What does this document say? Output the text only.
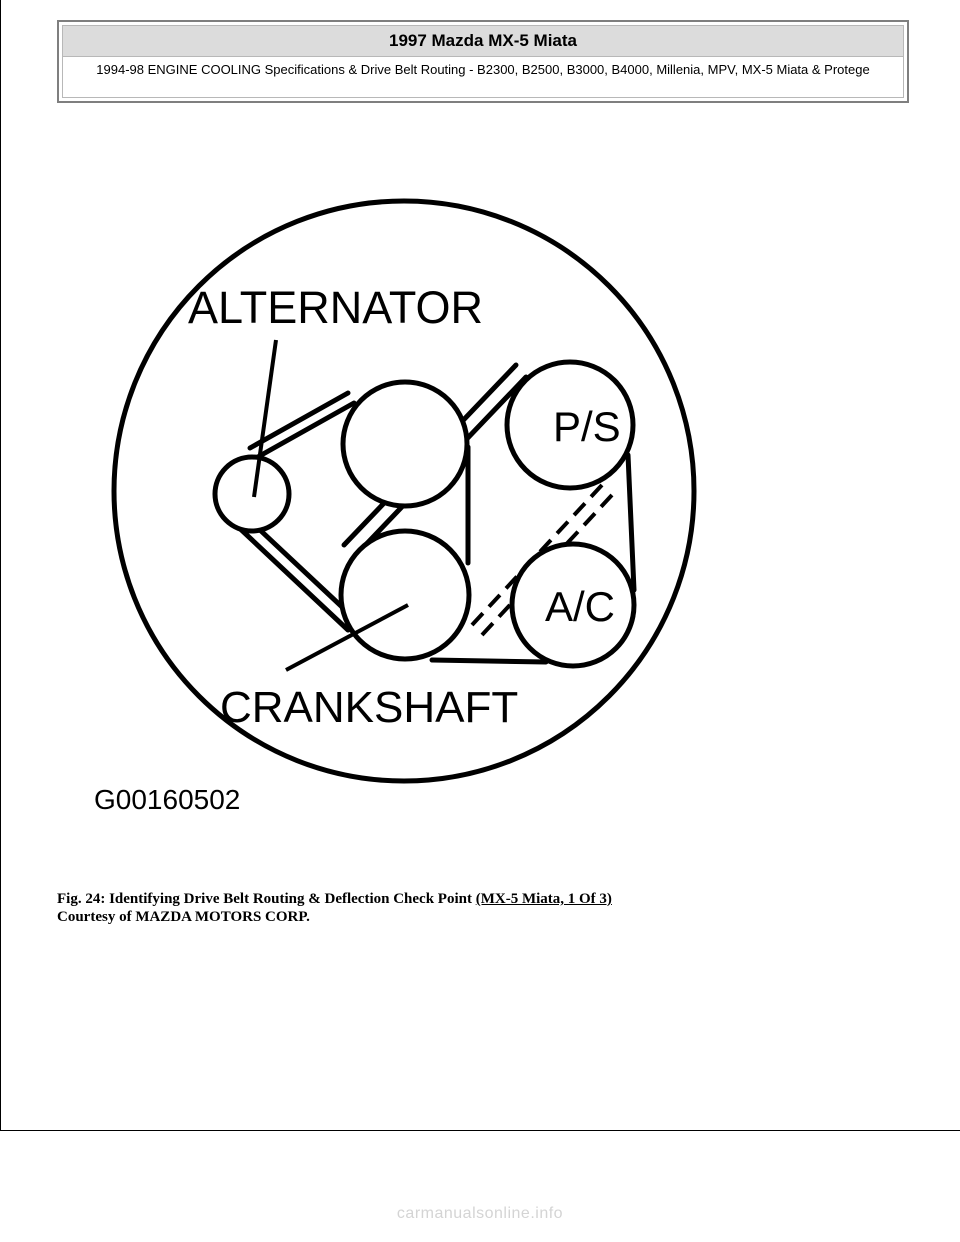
1997 Mazda MX-5 Miata
1994-98 ENGINE COOLING Specifications & Drive Belt Routing - B2300, B2500, B3000, B4000, Millenia, MPV, MX-5 Miata & Protege
ALTERNATOR
P/S
A/C
CRANKSHAFT
G00160502
Fig. 24: Identifying Drive Belt Routing & Deflection Check Point (MX-5 Miata, 1 Of 3)
Courtesy of MAZDA MOTORS CORP.
carmanualsonline.info
